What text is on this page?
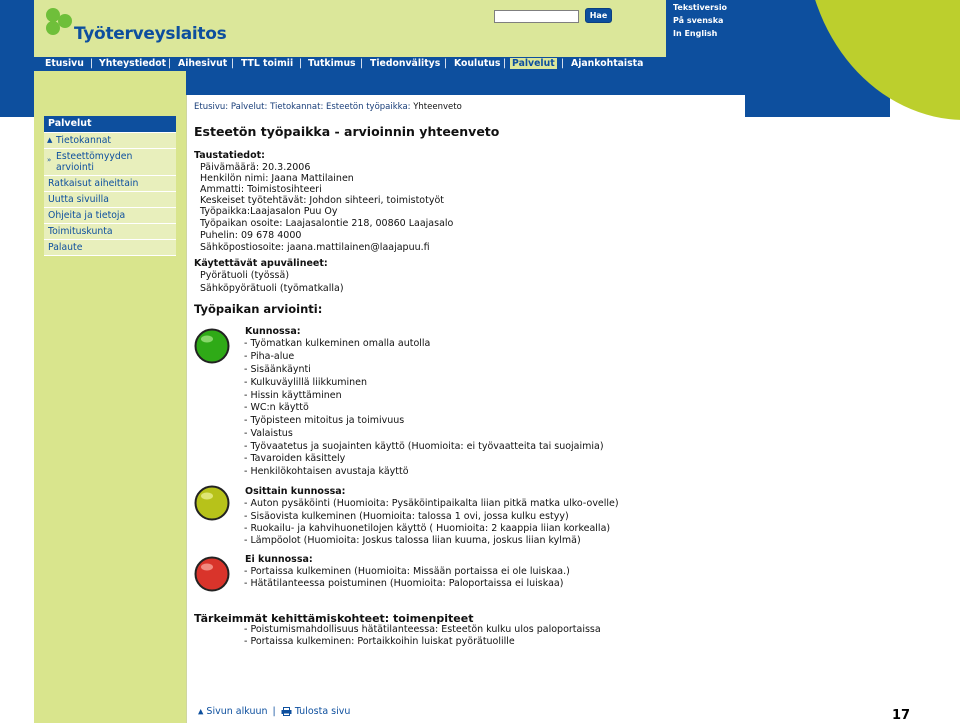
Työterveyslaitos
Hae
Tekstiversio
På svenska
In English
Etusivu | Yhteystiedot | Aihesivut | TTL toimii | Tutkimus | Tiedonvälitys | Koulutus | Palvelut | Ajankohtaista
Palvelut
▲ Tietokannat
» Esteettömyyden arviointi
Ratkaisut aiheittain
Uutta sivuilla
Ohjeita ja tietoja
Toimituskunta
Palaute
Etusivu: Palvelut: Tietokannat: Esteetön työpaikka: Yhteenveto
Esteetön työpaikka - arvioinnin yhteenveto
Taustatiedot:
Päivämäärä: 20.3.2006
Henkilön nimi: Jaana Mattilainen
Ammatti: Toimistosihteeri
Keskeiset työtehtävät: Johdon sihteeri, toimistotyöt
Työpaikka:Laajasalon Puu Oy
Työpaikan osoite: Laajasalontie 218, 00860 Laajasalo
Puhelin: 09 678 4000
Sähköpostiosoite: jaana.mattilainen@laajapuu.fi
Käytettävät apuvälineet:
Pyörätuoli (työssä)
Sähköpyörätuoli (työmatkalla)
Työpaikan arviointi:
Kunnossa:
- Työmatkan kulkeminen omalla autolla
- Piha-alue
- Sisäänkäynti
- Kulkuväylillä liikkuminen
- Hissin käyttäminen
- WC:n käyttö
- Työpisteen mitoitus ja toimivuus
- Valaistus
- Työvaatetus ja suojainten käyttö (Huomioita: ei työvaatteita tai suojaimia)
- Tavaroiden käsittely
- Henkilökohtaisen avustaja käyttö
Osittain kunnossa:
- Auton pysäköinti (Huomioita: Pysäköintipaikalta liian pitkä matka ulko-ovelle)
- Sisäovista kulkeminen (Huomioita: talossa 1 ovi, jossa kulku estyy)
- Ruokailu- ja kahvihuonetilojen käyttö ( Huomioita: 2 kaappia liian korkealla)
- Lämpöolot (Huomioita: Joskus talossa liian kuuma, joskus liian kylmä)
Ei kunnossa:
- Portaissa kulkeminen (Huomioita: Missään portaissa ei ole luiskaa.)
- Hätätilanteessa poistuminen (Huomioita: Paloportaissa ei luiskaa)
Tärkeimmät kehittämiskohteet: toimenpiteet
- Poistumismahdollisuus hätätilanteessa: Esteetön kulku ulos paloportaissa
- Portaissa kulkeminen: Portaikkoihin luiskat pyörätuolille
▲ Sivun alkuun | Tulosta sivu	17
